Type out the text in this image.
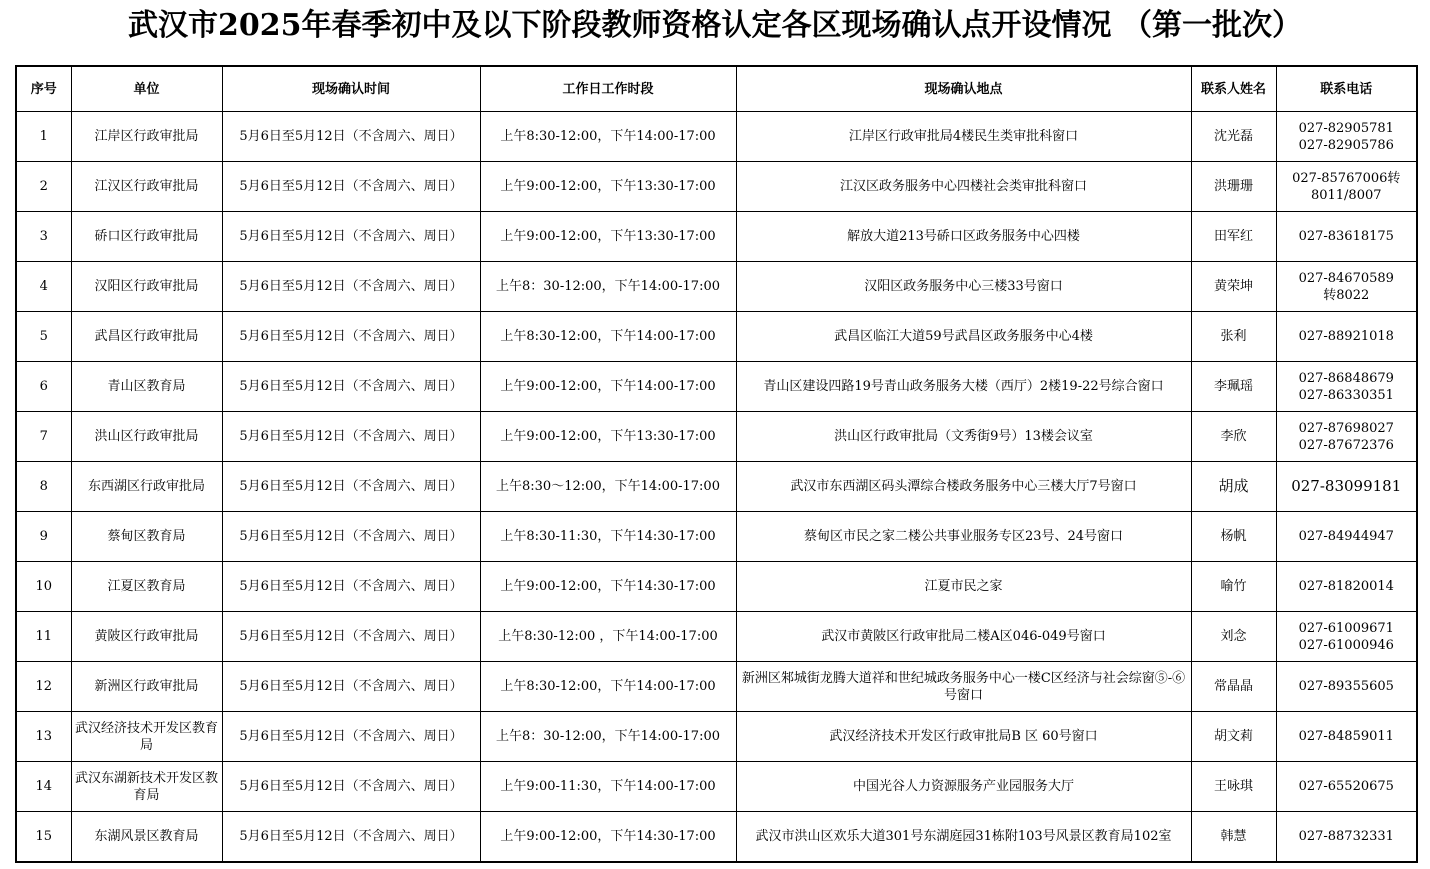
武汉市2025年春季初中及以下阶段教师资格认定各区现场确认点开设情况 （第一批次）
序号	单位	现场确认时间	工作日工作时段	现场确认地点	联系人姓名	联系电话
1	江岸区行政审批局	5月6日至5月12日（不含周六、周日）	上午8:30-12:00，下午14:00-17:00	江岸区行政审批局4楼民生类审批科窗口	沈光磊	027-82905781
027-82905786
2	江汉区行政审批局	5月6日至5月12日（不含周六、周日）	上午9:00-12:00，下午13:30-17:00	江汉区政务服务中心四楼社会类审批科窗口	洪珊珊	027-85767006转
8011/8007
3	硚口区行政审批局	5月6日至5月12日（不含周六、周日）	上午9:00-12:00，下午13:30-17:00	解放大道213号硚口区政务服务中心四楼	田军红	027-83618175
4	汉阳区行政审批局	5月6日至5月12日（不含周六、周日）	上午8：30-12:00，下午14:00-17:00	汉阳区政务服务中心三楼33号窗口	黄荣坤	027-84670589
转8022
5	武昌区行政审批局	5月6日至5月12日（不含周六、周日）	上午8:30-12:00，下午14:00-17:00	武昌区临江大道59号武昌区政务服务中心4楼	张利	027-88921018
6	青山区教育局	5月6日至5月12日（不含周六、周日）	上午9:00-12:00，下午14:00-17:00	青山区建设四路19号青山政务服务大楼（西厅）2楼19-22号综合窗口	李珮瑶	027-86848679
027-86330351
7	洪山区行政审批局	5月6日至5月12日（不含周六、周日）	上午9:00-12:00，下午13:30-17:00	洪山区行政审批局（文秀街9号）13楼会议室	李欣	027-87698027
027-87672376
8	东西湖区行政审批局	5月6日至5月12日（不含周六、周日）	上午8:30～12:00，下午14:00-17:00	武汉市东西湖区码头潭综合楼政务服务中心三楼大厅7号窗口	胡成	027-83099181
9	蔡甸区教育局	5月6日至5月12日（不含周六、周日）	上午8:30-11:30，下午14:30-17:00	蔡甸区市民之家二楼公共事业服务专区23号、24号窗口	杨帆	027-84944947
10	江夏区教育局	5月6日至5月12日（不含周六、周日）	上午9:00-12:00，下午14:30-17:00	江夏市民之家	喻竹	027-81820014
11	黄陂区行政审批局	5月6日至5月12日（不含周六、周日）	上午8:30-12:00 ，下午14:00-17:00	武汉市黄陂区行政审批局二楼A区046-049号窗口	刘念	027-61009671
027-61000946
12	新洲区行政审批局	5月6日至5月12日（不含周六、周日）	上午8:30-12:00，下午14:00-17:00	新洲区邾城街龙腾大道祥和世纪城政务服务中心一楼C区经济与社会综窗⑤-⑥号窗口	常晶晶	027-89355605
13	武汉经济技术开发区教育局	5月6日至5月12日（不含周六、周日）	上午8：30-12:00，下午14:00-17:00	武汉经济技术开发区行政审批局B 区 60号窗口	胡文莉	027-84859011
14	武汉东湖新技术开发区教育局	5月6日至5月12日（不含周六、周日）	上午9:00-11:30，下午14:00-17:00	中国光谷人力资源服务产业园服务大厅	王咏琪	027-65520675
15	东湖风景区教育局	5月6日至5月12日（不含周六、周日）	上午9:00-12:00，下午14:30-17:00	武汉市洪山区欢乐大道301号东湖庭园31栋附103号风景区教育局102室	韩慧	027-88732331
